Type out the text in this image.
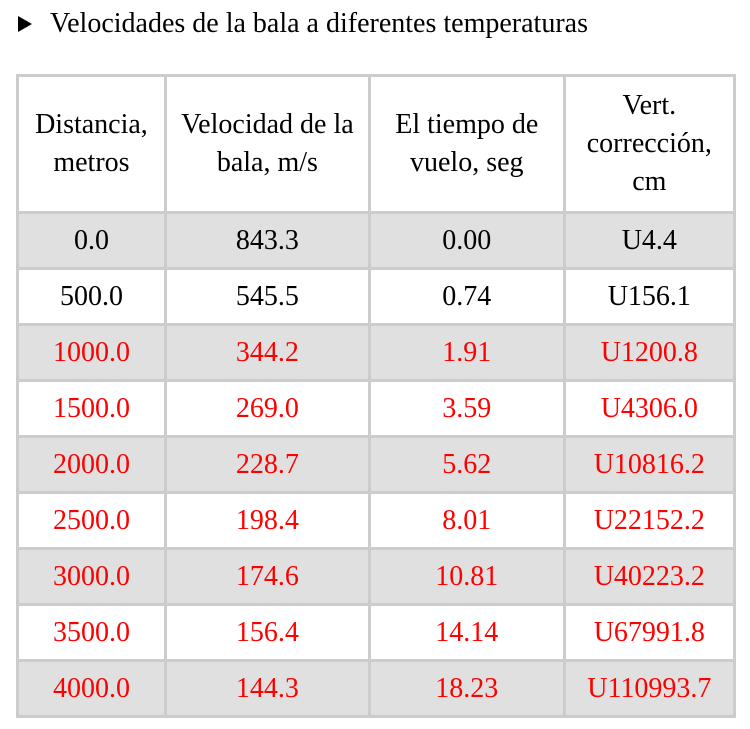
Velocidades de la bala a diferentes temperaturas
Distancia, metros	Velocidad de la bala, m/s	El tiempo de vuelo, seg	Vert. corrección, cm
0.0	843.3	0.00	U4.4
500.0	545.5	0.74	U156.1
1000.0	344.2	1.91	U1200.8
1500.0	269.0	3.59	U4306.0
2000.0	228.7	5.62	U10816.2
2500.0	198.4	8.01	U22152.2
3000.0	174.6	10.81	U40223.2
3500.0	156.4	14.14	U67991.8
4000.0	144.3	18.23	U110993.7
